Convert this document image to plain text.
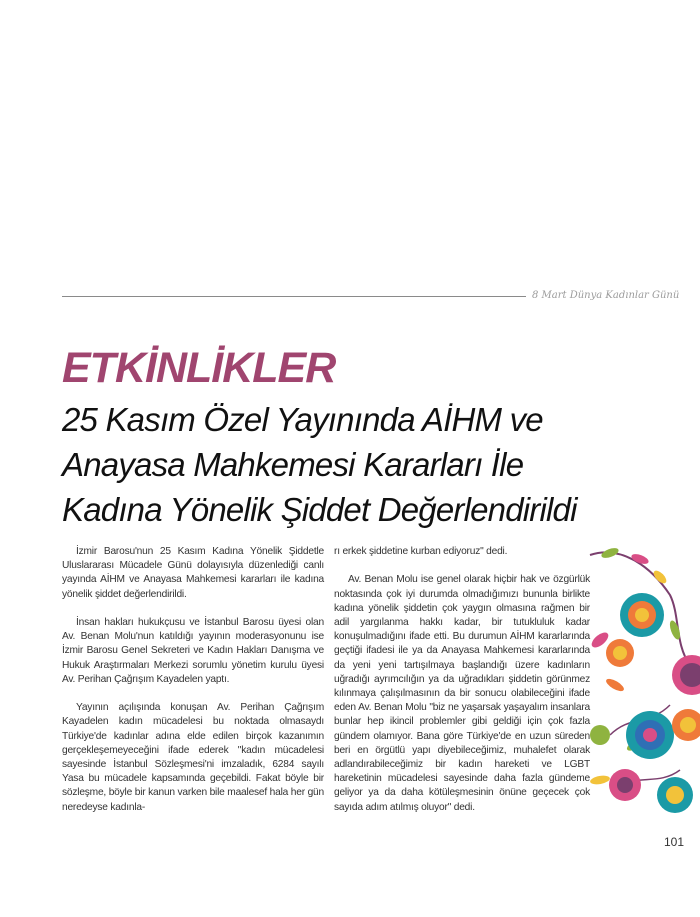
8 Mart Dünya Kadınlar Günü
ETKİNLİKLER
25 Kasım Özel Yayınında AİHM ve
Anayasa Mahkemesi Kararları İle
Kadına Yönelik Şiddet Değerlendirildi

İzmir Barosu'nun 25 Kasım Kadına Yönelik Şiddetle Uluslararası Mücadele Günü dolayısıyla düzenlediği canlı yayında AİHM ve Anayasa Mahkemesi kararları ile kadına yönelik şiddet değerlendirildi.

İnsan hakları hukukçusu ve İstanbul Barosu üyesi olan Av. Benan Molu'nun katıldığı yayının moderasyonunu ise İzmir Barosu Genel Sekreteri ve Kadın Hakları Danışma ve Hukuk Araştırmaları Merkezi sorumlu yönetim kurulu üyesi Av. Perihan Çağrışım Kayadelen yaptı.

Yayının açılışında konuşan Av. Perihan Çağrışım Kayadelen kadın mücadelesi bu noktada olmasaydı Türkiye'de kadınlar adına elde edilen birçok kazanımın gerçekleşemeyeceğini ifade ederek "kadın mücadelesi sayesinde İstanbul Sözleşmesi'ni imzaladık, 6284 sayılı Yasa bu mücadele kapsamında geçebildi. Fakat böyle bir sözleşme, böyle bir kanun varken bile maalesef hala her gün neredeyse kadınla-

rı erkek şiddetine kurban ediyoruz" dedi.

Av. Benan Molu ise genel olarak hiçbir hak ve özgürlük noktasında çok iyi durumda olmadığımızı bununla birlikte kadına yönelik şiddetin çok yaygın olmasına rağmen bir adil yargılanma hakkı kadar, bir tutukluluk kadar konuşulmadığını ifade etti. Bu durumun AİHM kararlarında geçtiği ifadesi ile ya da Anayasa Mahkemesi kararlarında da yeni yeni tartışılmaya başlandığı üzere kadınların uğradığı ayrımcılığın ya da uğradıkları şiddetin görünmez kılınmaya çalışılmasının da bir sonucu olabileceğini ifade eden Av. Benan Molu "biz ne yaşarsak yaşayalım insanlara bunlar hep ikincil problemler gibi geldiği için çok fazla gündem olamıyor. Bana göre Türkiye'de en uzun süreden beri en örgütlü yapı diyebileceğimiz, muhalefet olarak adlandırabileceğimiz bir kadın hareketi ve LGBT hareketinin mücadelesi sayesinde daha fazla gündeme geliyor ya da daha kötüleşmesinin önüne geçecek çok sayıda adım atılmış oluyor" dedi.

101
